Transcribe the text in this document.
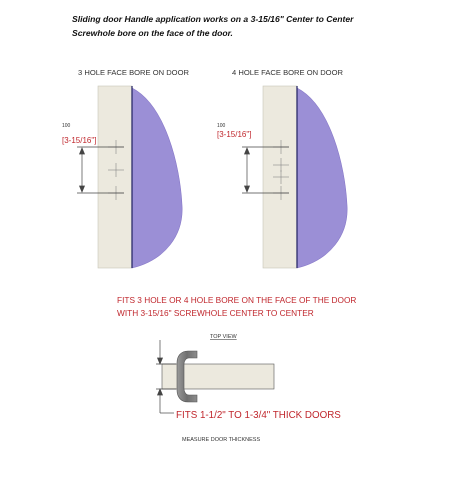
Sliding door Handle application works on a 3-15/16" Center to Center
Screwhole bore on the face of the door.
3 HOLE FACE BORE ON DOOR
100
[3-15/16"]
4 HOLE FACE BORE ON DOOR
100
[3-15/16"]
FITS 3 HOLE OR 4 HOLE BORE ON THE FACE OF THE DOOR
WITH 3-15/16" SCREWHOLE CENTER TO CENTER
TOP VIEW
FITS 1-1/2" TO 1-3/4" THICK DOORS
MEASURE DOOR THICKNESS
